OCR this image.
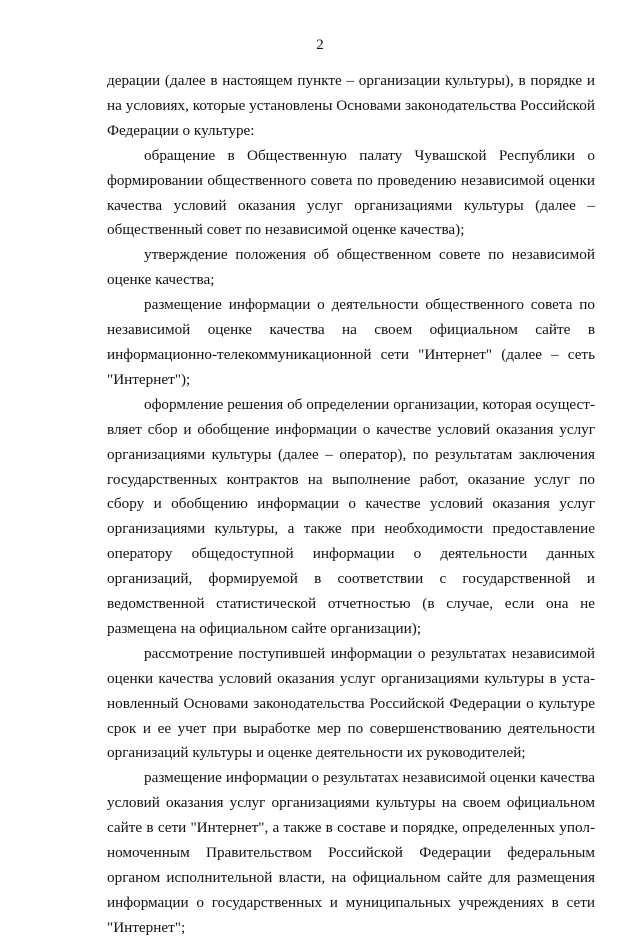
2

дерации (далее в настоящем пункте – организации культуры), в порядке и на условиях, которые установлены Основами законодательства Российской Федерации о культуре:

обращение в Общественную палату Чувашской Республики о формировании общественного совета по проведению независимой оценки качества условий оказания услуг организациями культуры (далее – общественный совет по независимой оценке качества);

утверждение положения об общественном совете по независимой оценке качества;

размещение информации о деятельности общественного совета по независимой оценке качества на своем официальном сайте в информационно-телекоммуникационной сети "Интернет" (далее – сеть "Интернет");

оформление решения об определении организации, которая осуществляет сбор и обобщение информации о качестве условий оказания услуг организациями культуры (далее – оператор), по результатам заключения государственных контрактов на выполнение работ, оказание услуг по сбору и обобщению информации о качестве условий оказания услуг организациями культуры, а также при необходимости предоставление оператору общедоступной информации о деятельности данных организаций, формируемой в соответствии с государственной и ведомственной статистической отчетностью (в случае, если она не размещена на официальном сайте организации);

рассмотрение поступившей информации о результатах независимой оценки качества условий оказания услуг организациями культуры в установленный Основами законодательства Российской Федерации о культуре срок и ее учет при выработке мер по совершенствованию деятельности организаций культуры и оценке деятельности их руководителей;

размещение информации о результатах независимой оценки качества условий оказания услуг организациями культуры на своем официальном сайте в сети "Интернет", а также в составе и порядке, определенных уполномоченным Правительством Российской Федерации федеральным органом исполнительной власти, на официальном сайте для размещения информации о государственных и муниципальных учреждениях в сети "Интернет";
